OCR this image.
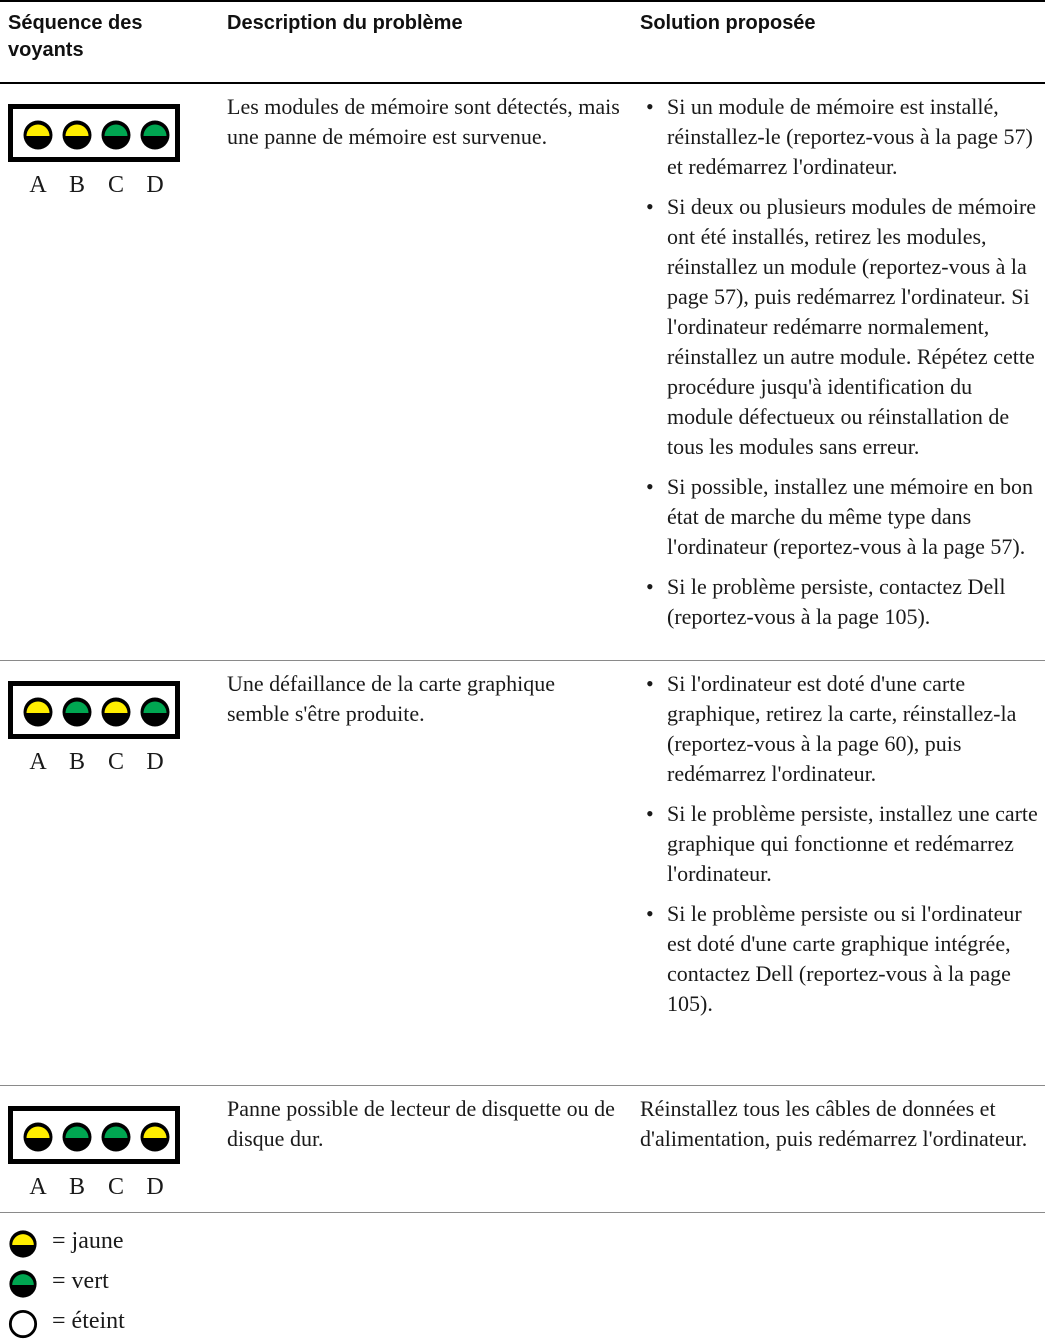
Séquence des voyants
Description du problème	Solution proposée
A B C D

Les modules de mémoire sont détectés, mais une panne de mémoire est survenue.

• Si un module de mémoire est installé, réinstallez-le (reportez-vous à la page 57) et redémarrez l'ordinateur.
• Si deux ou plusieurs modules de mémoire ont été installés, retirez les modules, réinstallez un module (reportez-vous à la page 57), puis redémarrez l'ordinateur. Si l'ordinateur redémarre normalement, réinstallez un autre module. Répétez cette procédure jusqu'à identification du module défectueux ou réinstallation de tous les modules sans erreur.
• Si possible, installez une mémoire en bon état de marche du même type dans l'ordinateur (reportez-vous à la page 57).
• Si le problème persiste, contactez Dell (reportez-vous à la page 105).
A B C D

Une défaillance de la carte graphique semble s'être produite.

• Si l'ordinateur est doté d'une carte graphique, retirez la carte, réinstallez-la (reportez-vous à la page 60), puis redémarrez l'ordinateur.
• Si le problème persiste, installez une carte graphique qui fonctionne et redémarrez l'ordinateur.
• Si le problème persiste ou si l'ordinateur est doté d'une carte graphique intégrée, contactez Dell (reportez-vous à la page 105).
A B C D

Panne possible de lecteur de disquette ou de disque dur.

Réinstallez tous les câbles de données et d'alimentation, puis redémarrez l'ordinateur.

= jaune
= vert
= éteint
